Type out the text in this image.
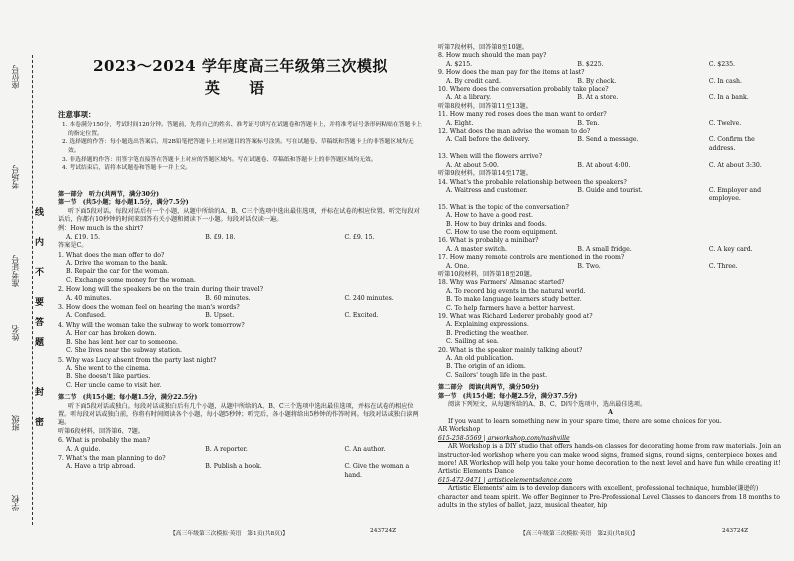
座位号
考场号
准考证号
姓名
班级
学校
线
内
不
要
答
题
封
密
2023～2024 学年度高三年级第三次模拟
英 语
注意事项：
1. 本卷满分150分，考试时间120分钟。答题前，先将自己的姓名、准考证号填写在试题卷和答题卡上，并将准考证号条形码粘贴在答题卡上的指定位置。
2. 选择题的作答：每小题选出答案后，用2B铅笔把答题卡上对应题目的答案标号涂黑。写在试题卷、草稿纸和答题卡上的非答题区域均无效。
3. 非选择题的作答：用签字笔直接答在答题卡上对应的答题区域内。写在试题卷、草稿纸和答题卡上的非答题区域均无效。
4. 考试结束后，请将本试题卷和答题卡一并上交。
第一部分　听力(共两节，满分30分)
第一节　(共5小题；每小题1.5分，满分7.5分)
听下面5段对话。每段对话后有一个小题，从题中所给的A、B、C三个选项中选出最佳选项，并标在试卷的相应位置。听完每段对话后，你都有10秒钟的时间来回答有关小题和阅读下一小题。每段对话仅读一遍。
例：How much is the shirt?
A. £19. 15.	B. £9. 18.	C. £9. 15.
答案是C。
1. What does the man offer to do?
A. Drive the woman to the bank.
B. Repair the car for the woman.
C. Exchange some money for the woman.
2. How long will the speakers be on the train during their travel?
A. 40 minutes.	B. 60 minutes.	C. 240 minutes.
3. How does the woman feel on hearing the man's words?
A. Confused.	B. Upset.	C. Excited.
4. Why will the woman take the subway to work tomorrow?
A. Her car has broken down.
B. She has lent her car to someone.
C. She lives near the subway station.
5. Why was Lucy absent from the party last night?
A. She went to the cinema.
B. She doesn't like parties.
C. Her uncle came to visit her.
第二节　(共15小题；每小题1.5分，满分22.5分)
听下面5段对话或独白。每段对话或独白后有几个小题，从题中所给的A、B、C三个选项中选出最佳选项，并标在试卷的相应位置。听每段对话或独白前，你将有时间阅读各个小题，每小题5秒钟；听完后，各小题将给出5秒钟的作答时间。每段对话或独白读两遍。
听第6段材料，回答第6、7题。
6. What is probably the man?
A. A guide.	B. A reporter.	C. An author.
7. What's the man planning to do?
A. Have a trip abroad.	B. Publish a book.	C. Give the woman a hand.
听第7段材料，回答第8至10题。
8. How much should the man pay?
A. $215.	B. $225.	C. $235.
9. How does the man pay for the items at last?
A. By credit card.	B. By check.	C. In cash.
10. Where does the conversation probably take place?
A. At a library.	B. At a store.	C. In a bank.
听第8段材料，回答第11至13题。
11. How many red roses does the man want to order?
A. Eight.	B. Ten.	C. Twelve.
12. What does the man advise the woman to do?
A. Call before the delivery.	B. Send a message.	C. Confirm the address.
13. When will the flowers arrive?
A. At about 5:00.	B. At about 4:00.	C. At about 3:30.
听第9段材料，回答第14至17题。
14. What's the probable relationship between the speakers?
A. Waitress and customer.	B. Guide and tourist.	C. Employer and employee.
15. What is the topic of the conversation?
A. How to have a good rest.
B. How to buy drinks and foods.
C. How to use the room equipment.
16. What is probably a minibar?
A. A master switch.	B. A small fridge.	C. A key card.
17. How many remote controls are mentioned in the room?
A. One.	B. Two.	C. Three.
听第10段材料，回答第18至20题。
18. Why was Farmers' Almanac started?
A. To record big events in the natural world.
B. To make language learners study better.
C. To help farmers have a better harvest.
19. What was Richard Lederer probably good at?
A. Explaining expressions.
B. Predicting the weather.
C. Sailing at sea.
20. What is the speaker mainly talking about?
A. An old publication.
B. The origin of an idiom.
C. Sailors' tough life in the past.
第二部分　阅读(共两节，满分50分)
第一节　(共15小题；每小题2.5分，满分37.5分)
阅读下列短文，从每题所给的A、B、C、D四个选项中，选出最佳选项。
A
If you want to learn something new in your spare time, there are some choices for you.
AR Workshop
615-258-5569 | arworkshop.com/nashville
AR Workshop is a DIY studio that offers hands-on classes for decorating home from raw materials. Join an instructor-led workshop where you can make wood signs, framed signs, round signs, centerpiece boxes and more! AR Workshop will help you take your home decoration to the next level and have fun while creating it!
Artistic Elements Dance
615-472-9471 | artisticelementsdance.com
Artistic Elements' aim is to develop dancers with excellent, professional technique, humble(谦逊的) character and team spirit. We offer Beginner to Pre-Professional Level Classes to dancers from 18 months to adults in the styles of ballet, jazz, musical theater, hip
【高三年级第三次模拟·英语　第1页(共8页)】	243724Z	【高三年级第三次模拟·英语　第2页(共8页)】	243724Z
